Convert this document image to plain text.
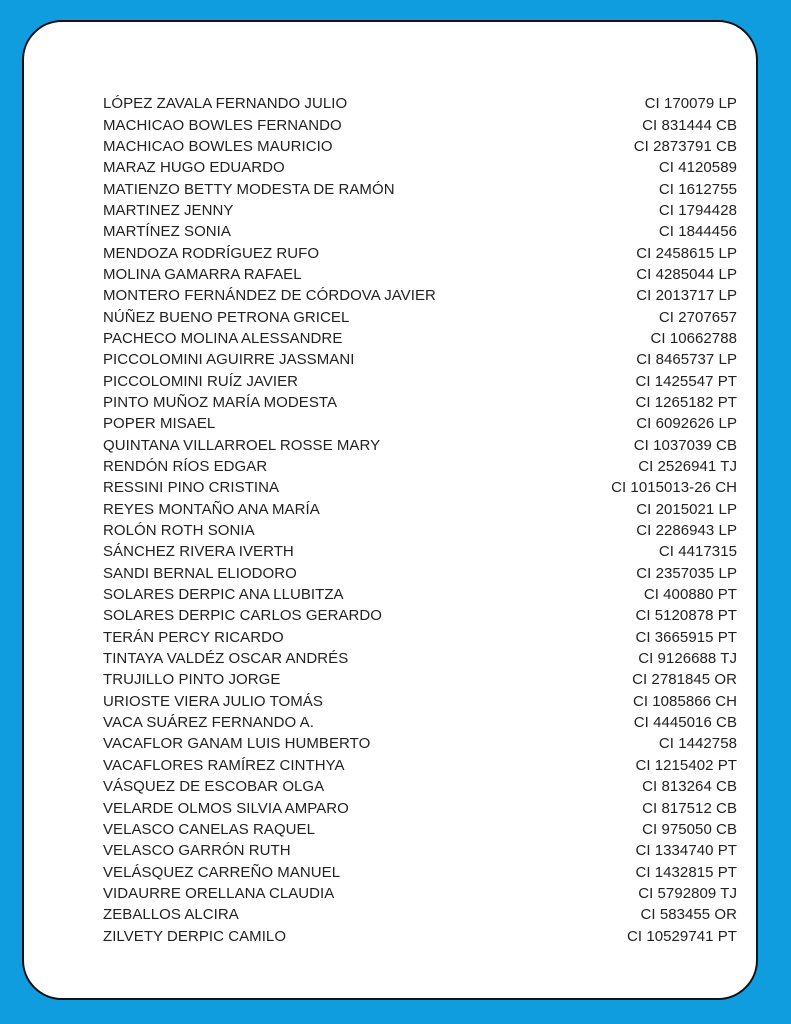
LÓPEZ ZAVALA FERNANDO JULIO	CI 170079 LP
MACHICAO BOWLES FERNANDO	CI 831444 CB
MACHICAO BOWLES MAURICIO	CI 2873791 CB
MARAZ HUGO EDUARDO	CI 4120589
MATIENZO BETTY MODESTA DE RAMÓN	CI 1612755
MARTINEZ JENNY	CI 1794428
MARTÍNEZ SONIA	CI 1844456
MENDOZA RODRÍGUEZ RUFO	CI 2458615 LP
MOLINA GAMARRA RAFAEL	CI 4285044 LP
MONTERO FERNÁNDEZ DE CÓRDOVA JAVIER	CI 2013717 LP
NÚÑEZ BUENO PETRONA GRICEL	CI 2707657
PACHECO MOLINA ALESSANDRE	CI 10662788
PICCOLOMINI AGUIRRE JASSMANI	CI 8465737 LP
PICCOLOMINI RUÍZ JAVIER	CI 1425547 PT
PINTO MUÑOZ MARÍA MODESTA	CI 1265182 PT
POPER MISAEL	CI 6092626 LP
QUINTANA VILLARROEL ROSSE MARY	CI 1037039 CB
RENDÓN RÍOS EDGAR	CI 2526941 TJ
RESSINI PINO CRISTINA	CI 1015013-26 CH
REYES MONTAÑO ANA MARÍA	CI 2015021 LP
ROLÓN ROTH SONIA	CI 2286943 LP
SÁNCHEZ RIVERA IVERTH	CI 4417315
SANDI BERNAL ELIODORO	CI 2357035 LP
SOLARES DERPIC ANA LLUBITZA	CI 400880 PT
SOLARES DERPIC CARLOS GERARDO	CI 5120878 PT
TERÁN PERCY RICARDO	CI 3665915 PT
TINTAYA VALDÉZ OSCAR ANDRÉS	CI 9126688 TJ
TRUJILLO PINTO JORGE	CI 2781845 OR
URIOSTE VIERA JULIO TOMÁS	CI 1085866 CH
VACA SUÁREZ FERNANDO A.	CI 4445016 CB
VACAFLOR GANAM LUIS HUMBERTO	CI 1442758
VACAFLORES RAMÍREZ CINTHYA	CI 1215402 PT
VÁSQUEZ DE ESCOBAR OLGA	CI 813264 CB
VELARDE OLMOS SILVIA AMPARO	CI 817512 CB
VELASCO CANELAS RAQUEL	CI 975050 CB
VELASCO GARRÓN RUTH	CI 1334740 PT
VELÁSQUEZ CARREÑO MANUEL	CI 1432815 PT
VIDAURRE ORELLANA CLAUDIA	CI 5792809 TJ
ZEBALLOS ALCIRA	CI 583455 OR
ZILVETY DERPIC CAMILO	CI 10529741 PT
